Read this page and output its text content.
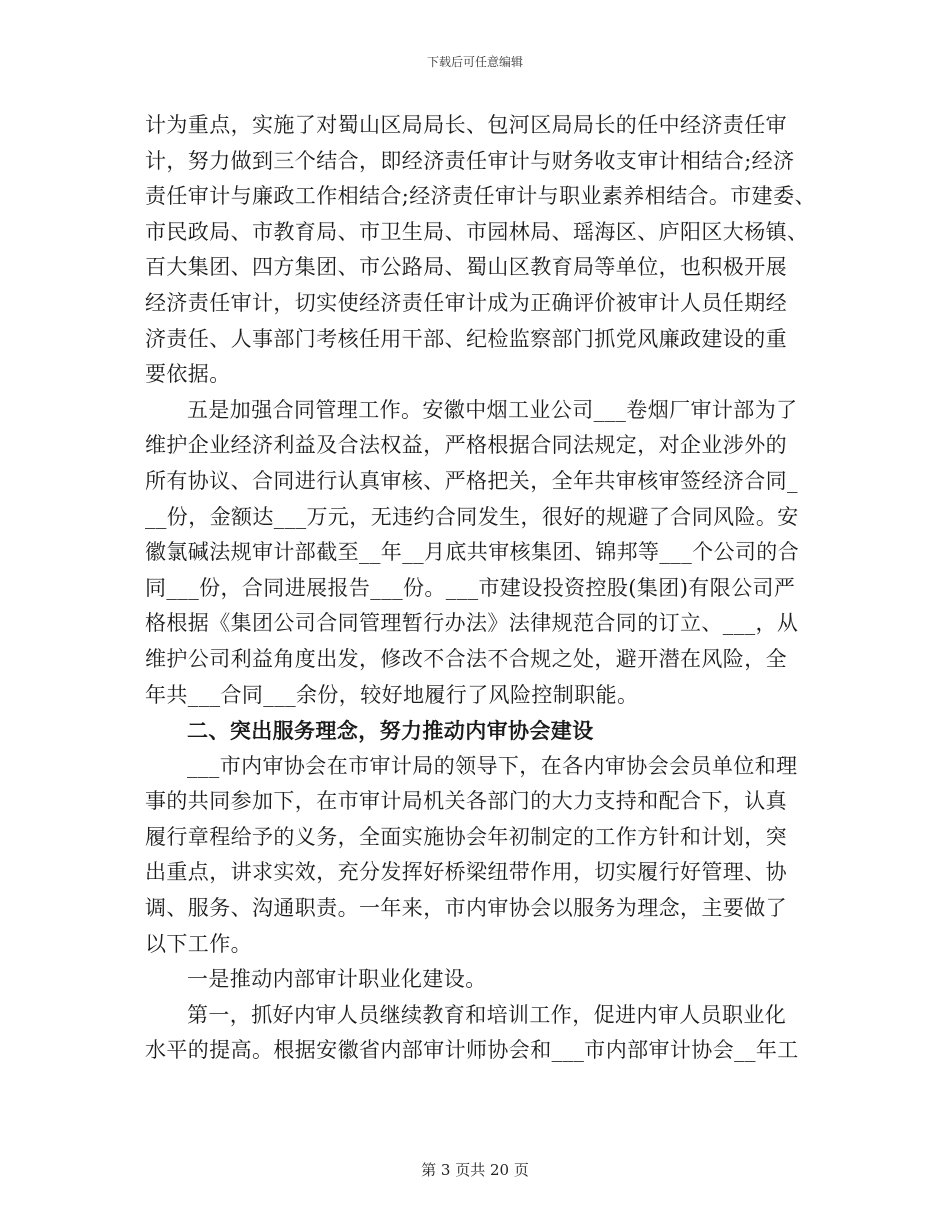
下载后可任意编辑
计为重点，实施了对蜀山区局局长、包河区局局长的任中经济责任审
计，努力做到三个结合，即经济责任审计与财务收支审计相结合;经济
责任审计与廉政工作相结合;经济责任审计与职业素养相结合。市建委、
市民政局、市教育局、市卫生局、市园林局、瑶海区、庐阳区大杨镇、
百大集团、四方集团、市公路局、蜀山区教育局等单位，也积极开展
经济责任审计，切实使经济责任审计成为正确评价被审计人员任期经
济责任、人事部门考核任用干部、纪检监察部门抓党风廉政建设的重
要依据。
五是加强合同管理工作。安徽中烟工业公司___卷烟厂审计部为了
维护企业经济利益及合法权益，严格根据合同法规定，对企业涉外的
所有协议、合同进行认真审核、严格把关，全年共审核审签经济合同_
__份，金额达___万元，无违约合同发生，很好的规避了合同风险。安
徽氯碱法规审计部截至__年__月底共审核集团、锦邦等___个公司的合
同___份，合同进展报告___份。___市建设投资控股(集团)有限公司严
格根据《集团公司合同管理暂行办法》法律规范合同的订立、___，从
维护公司利益角度出发，修改不合法不合规之处，避开潜在风险，全
年共___合同___余份，较好地履行了风险控制职能。
二、突出服务理念，努力推动内审协会建设
___市内审协会在市审计局的领导下，在各内审协会会员单位和理
事的共同参加下，在市审计局机关各部门的大力支持和配合下，认真
履行章程给予的义务，全面实施协会年初制定的工作方针和计划，突
出重点，讲求实效，充分发挥好桥梁纽带作用，切实履行好管理、协
调、服务、沟通职责。一年来，市内审协会以服务为理念，主要做了
以下工作。
一是推动内部审计职业化建设。
第一，抓好内审人员继续教育和培训工作，促进内审人员职业化
水平的提高。根据安徽省内部审计师协会和___市内部审计协会__年工
第 3 页共 20 页
